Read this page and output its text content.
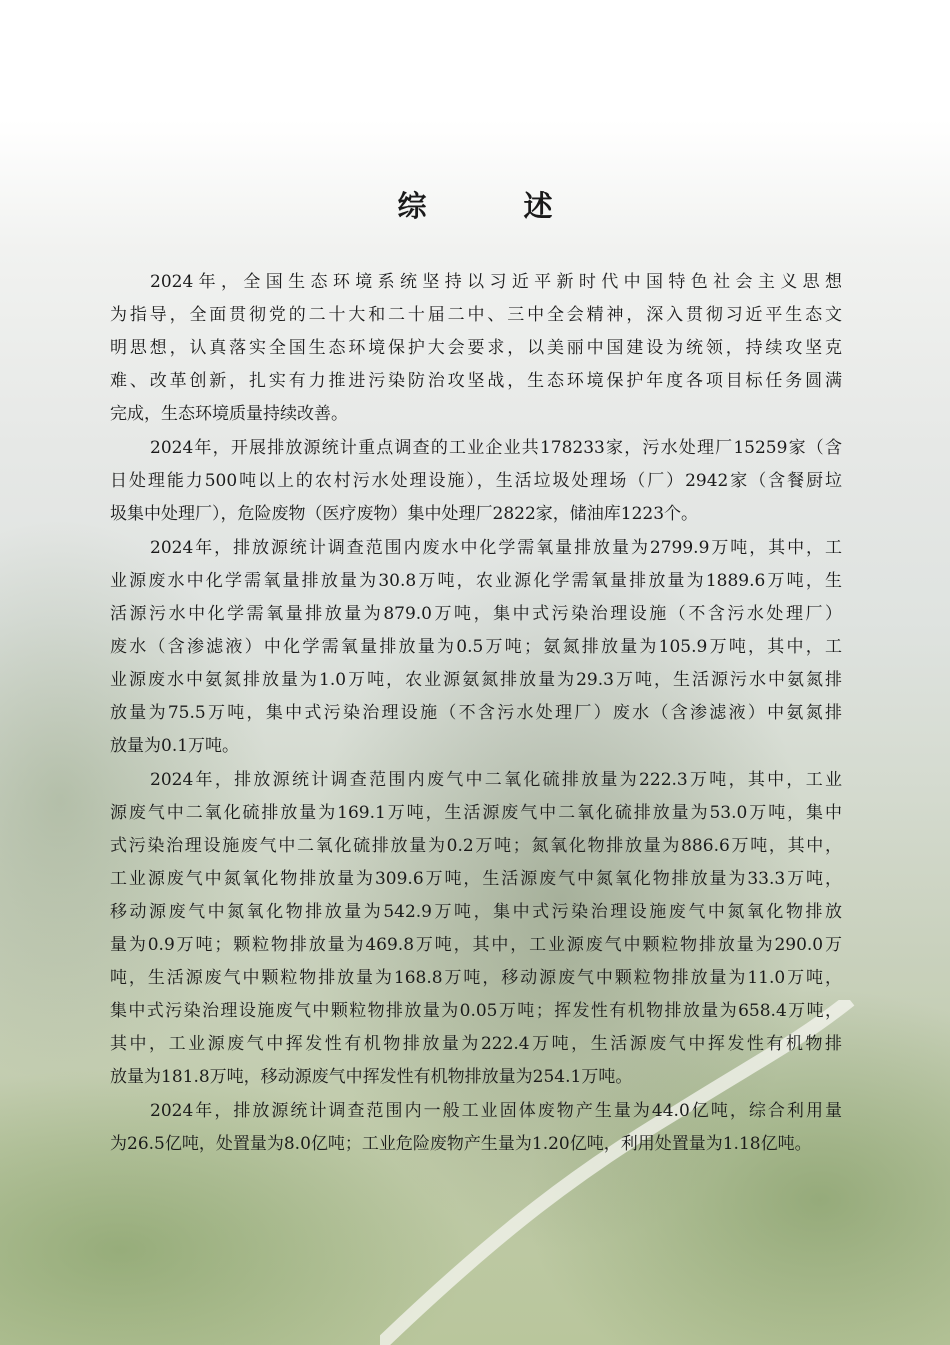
综　述
2024年，全国生态环境系统坚持以习近平新时代中国特色社会主义思想
为指导，全面贯彻党的二十大和二十届二中、三中全会精神，深入贯彻习近平生态文
明思想，认真落实全国生态环境保护大会要求，以美丽中国建设为统领，持续攻坚克
难、改革创新，扎实有力推进污染防治攻坚战，生态环境保护年度各项目标任务圆满
完成，生态环境质量持续改善。
2024年，开展排放源统计重点调查的工业企业共178233家，污水处理厂15259家（含
日处理能力500吨以上的农村污水处理设施），生活垃圾处理场（厂）2942家（含餐厨垃
圾集中处理厂），危险废物（医疗废物）集中处理厂2822家，储油库1223个。
2024年，排放源统计调查范围内废水中化学需氧量排放量为2799.9万吨，其中，工
业源废水中化学需氧量排放量为30.8万吨，农业源化学需氧量排放量为1889.6万吨，生
活源污水中化学需氧量排放量为879.0万吨，集中式污染治理设施（不含污水处理厂）
废水（含渗滤液）中化学需氧量排放量为0.5万吨；氨氮排放量为105.9万吨，其中，工
业源废水中氨氮排放量为1.0万吨，农业源氨氮排放量为29.3万吨，生活源污水中氨氮排
放量为75.5万吨，集中式污染治理设施（不含污水处理厂）废水（含渗滤液）中氨氮排
放量为0.1万吨。
2024年，排放源统计调查范围内废气中二氧化硫排放量为222.3万吨，其中，工业
源废气中二氧化硫排放量为169.1万吨，生活源废气中二氧化硫排放量为53.0万吨，集中
式污染治理设施废气中二氧化硫排放量为0.2万吨；氮氧化物排放量为886.6万吨，其中，
工业源废气中氮氧化物排放量为309.6万吨，生活源废气中氮氧化物排放量为33.3万吨，
移动源废气中氮氧化物排放量为542.9万吨，集中式污染治理设施废气中氮氧化物排放
量为0.9万吨；颗粒物排放量为469.8万吨，其中，工业源废气中颗粒物排放量为290.0万
吨，生活源废气中颗粒物排放量为168.8万吨，移动源废气中颗粒物排放量为11.0万吨，
集中式污染治理设施废气中颗粒物排放量为0.05万吨；挥发性有机物排放量为658.4万吨，
其中，工业源废气中挥发性有机物排放量为222.4万吨，生活源废气中挥发性有机物排
放量为181.8万吨，移动源废气中挥发性有机物排放量为254.1万吨。
2024年，排放源统计调查范围内一般工业固体废物产生量为44.0亿吨，综合利用量
为26.5亿吨，处置量为8.0亿吨；工业危险废物产生量为1.20亿吨，利用处置量为1.18亿吨。
